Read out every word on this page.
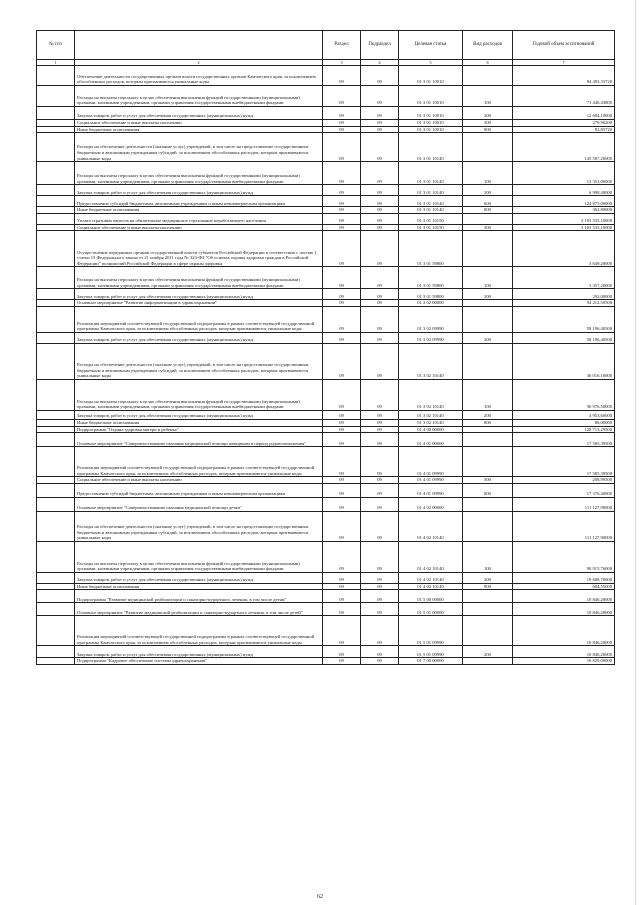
№ п/п		Раздел	Подраздел	Целевая статья	Вид расходов	Годовой объем ассигнований
1	2	3	4	5	6	7
	Обеспечение деятельности государственных органов власти государственных органов Камчатского края, за исключением обособленных расходов, которым присваиваются уникальные коды	09	09	01 3 01 10010		84 493,33720
	Расходы на выплаты персоналу в целях обеспечения выполнения функций государственными (муниципальными) органами, казенными учреждениями, органами управления государственными внебюджетными фондами	09	09	01 3 01 10010	100	71 446,43800
	Закупка товаров, работ и услуг для обеспечения государственных (муниципальных) нужд	09	09	01 3 01 10010	200	12 684,10000
	Социальное обеспечение и иные выплаты населению	09	09	01 3 01 10010	300	279,96200
	Иные бюджетные ассигнования	09	09	01 3 01 10010	800	82,83720
	Расходы на обеспечение деятельности (оказание услуг) учреждений, в том числе на предоставление государственным бюджетным и автономным учреждениям субсидий, за исключением обособленных расходов, которым присваиваются уникальные коды	09	09	01 3 01 10140		145 587,20000
	Расходы на выплаты персоналу в целях обеспечения выполнения функций государственными (муниципальными) органами, казенными учреждениями, органами управления государственными внебюджетными фондами	09	09	01 3 01 10140	100	13 351,00000
	Закупка товаров, работ и услуг для обеспечения государственных (муниципальных) нужд	09	09	01 3 01 10140	200	6 998,40000
	Предоставление субсидий бюджетным, автономным учреждениям и иным некоммерческим организациям	09	09	01 3 01 10140	600	124 875,00000
	Иные бюджетные ассигнования	09	09	01 3 01 10140	800	362,80000
	Уплата страховых взносов на обязательное медицинское страхование неработающего населения	09	09	01 3 01 10150		3 103 535,10000
	Социальное обеспечение и иные выплаты населению	09	09	01 3 01 10150	300	3 103 535,10000
	Осуществление переданных органам государственной власти субъектов Российской Федерации в соответствии с частью 1 статьи 15 Федерального закона от 21 ноября 2011 года № 323-ФЗ "Об основах охраны здоровья граждан в Российской Федерации" полномочий Российской Федерации в сфере охраны здоровья	09	09	01 3 01 59800		3 649,20000
	Расходы на выплаты персоналу в целях обеспечения выполнения функций государственными (муниципальными) органами, казенными учреждениями, органами управления государственными внебюджетными фондами	09	09	01 3 01 59800	100	3 357,20000
	Закупка товаров, работ и услуг для обеспечения государственных (муниципальных) нужд	09	09	01 3 01 59800	200	292,00000
	Основное мероприятие "Развитие информатизации в здравоохранении"	09	09	01 3 02 00000		94 212,50500
	Реализация мероприятий соответствующей государственной подпрограммы в рамках соответствующей государственной программы Камчатского края, за исключением обособленных расходов, которым присваиваются уникальные коды	09	09	01 3 02 09990		58 196,40500
	Закупка товаров, работ и услуг для обеспечения государственных (муниципальных) нужд	09	09	01 3 02 09990	200	58 196,40500
	Расходы на обеспечение деятельности (оказание услуг) учреждений, в том числе на предоставление государственным бюджетным и автономным учреждениям субсидий, за исключением обособленных расходов, которым присваиваются уникальные коды	09	09	01 3 02 10140		36 016,10000
	Расходы на выплаты персоналу в целях обеспечения выполнения функций государственными (муниципальными) органами, казенными учреждениями, органами управления государственными внебюджетными фондами	09	09	01 3 02 10140	100	30 976,50000
	Закупка товаров, работ и услуг для обеспечения государственных (муниципальных) нужд	09	09	01 3 02 10140	200	4 953,60000
	Иные бюджетные ассигнования	09	09	01 3 02 10140	800	86,00000
	Подпрограмма "Охрана здоровья матери и ребенка"	09	09	01 4 00 00000		128 713,29500
	Основное мероприятие "Совершенствование оказания медицинской помощи женщинам в период родовспоможения"	09	09	01 4 01 00000		17 585,39500
	Реализация мероприятий соответствующей государственной подпрограммы в рамках соответствующей государственной программы Камчатского края, за исключением обособленных расходов, которым присваиваются уникальные коды	09	09	01 4 01 09990		17 585,39500
	Социальное обеспечение и иные выплаты населению	09	09	01 4 01 09990	300	208,99500
	Предоставление субсидий бюджетным, автономным учреждениям и иным некоммерческим организациям	09	09	01 4 01 09990	600	17 376,40000
	Основное мероприятие "Совершенствование оказания медицинской помощи детям"	09	09	01 4 02 00000		111 127,90000
	Расходы на обеспечение деятельности (оказание услуг) учреждений, в том числе на предоставление государственным бюджетным и автономным учреждениям субсидий, за исключением обособленных расходов, которым присваиваются уникальные коды	09	09	01 4 02 10140		111 127,90000
	Расходы на выплаты персоналу в целях обеспечения выполнения функций государственными (муниципальными) органами, казенными учреждениями, органами управления государственными внебюджетными фондами	09	09	01 4 02 10140	100	90 915,76000
	Закупка товаров, работ и услуг для обеспечения государственных (муниципальных) нужд	09	09	01 4 02 10140	200	19 608,70000
	Иные бюджетные ассигнования	09	09	01 4 02 10140	800	604,55000
	Подпрограмма "Развитие медицинской реабилитации и санаторно-курортного лечения, в том числе детям"	09	09	01 5 00 00000		10 846,20000
	Основное мероприятие "Развитие медицинской реабилитации и санаторно-курортного лечения, в том числе детей"	09	09	01 5 01 00000		10 846,20000
	Реализация мероприятий соответствующей государственной подпрограммы в рамках соответствующей государственной программы Камчатского края, за исключением обособленных расходов, которым присваиваются уникальные коды	09	09	01 5 01 09990		10 846,20000
	Закупка товаров, работ и услуг для обеспечения государственных (муниципальных) нужд	09	09	01 5 01 09990	200	10 846,20000
	Подпрограмма "Кадровое обеспечение системы здравоохранения"	09	09	01 7 00 00000		16 829,00000
62
